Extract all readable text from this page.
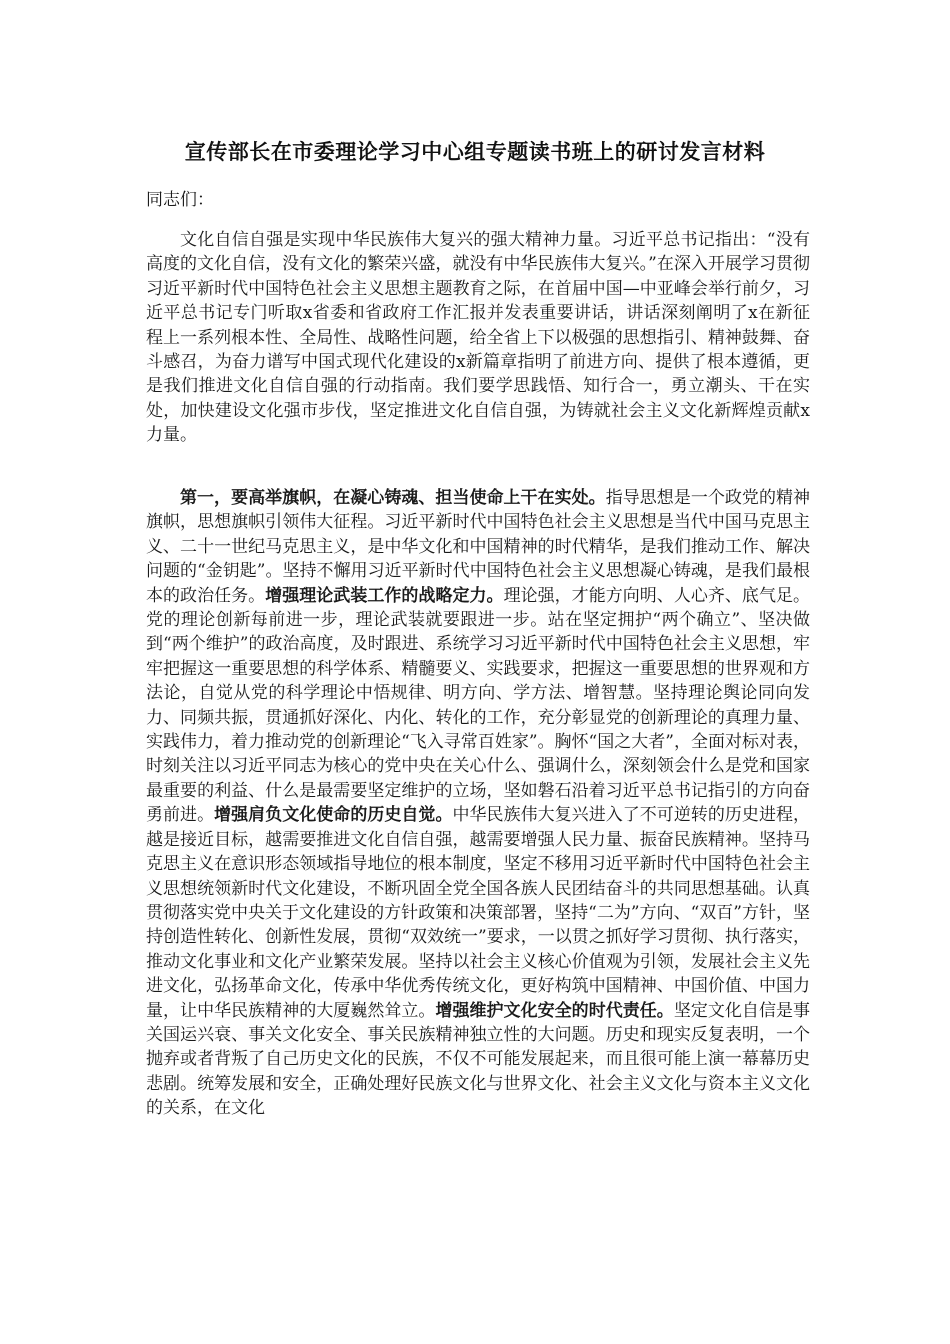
宣传部长在市委理论学习中心组专题读书班上的研讨发言材料
同志们：

文化自信自强是实现中华民族伟大复兴的强大精神力量。习近平总书记指出：“没有高度的文化自信，没有文化的繁荣兴盛，就没有中华民族伟大复兴。”在深入开展学习贯彻习近平新时代中国特色社会主义思想主题教育之际，在首届中国—中亚峰会举行前夕，习近平总书记专门听取x省委和省政府工作汇报并发表重要讲话，讲话深刻阐明了x在新征程上一系列根本性、全局性、战略性问题，给全省上下以极强的思想指引、精神鼓舞、奋斗感召，为奋力谱写中国式现代化建设的x新篇章指明了前进方向、提供了根本遵循，更是我们推进文化自信自强的行动指南。我们要学思践悟、知行合一，勇立潮头、干在实处，加快建设文化强市步伐，坚定推进文化自信自强，为铸就社会主义文化新辉煌贡献x力量。

第一，要高举旗帜，在凝心铸魂、担当使命上干在实处。指导思想是一个政党的精神旗帜，思想旗帜引领伟大征程。习近平新时代中国特色社会主义思想是当代中国马克思主义、二十一世纪马克思主义，是中华文化和中国精神的时代精华，是我们推动工作、解决问题的“金钥匙”。坚持不懈用习近平新时代中国特色社会主义思想凝心铸魂，是我们最根本的政治任务。增强理论武装工作的战略定力。理论强，才能方向明、人心齐、底气足。党的理论创新每前进一步，理论武装就要跟进一步。站在坚定拥护“两个确立”、坚决做到“两个维护”的政治高度，及时跟进、系统学习习近平新时代中国特色社会主义思想，牢牢把握这一重要思想的科学体系、精髓要义、实践要求，把握这一重要思想的世界观和方法论，自觉从党的科学理论中悟规律、明方向、学方法、增智慧。坚持理论舆论同向发力、同频共振，贯通抓好深化、内化、转化的工作，充分彰显党的创新理论的真理力量、实践伟力，着力推动党的创新理论“飞入寻常百姓家”。胸怀“国之大者”，全面对标对表，时刻关注以习近平同志为核心的党中央在关心什么、强调什么，深刻领会什么是党和国家最重要的利益、什么是最需要坚定维护的立场，坚如磐石沿着习近平总书记指引的方向奋勇前进。增强肩负文化使命的历史自觉。中华民族伟大复兴进入了不可逆转的历史进程，越是接近目标，越需要推进文化自信自强，越需要增强人民力量、振奋民族精神。坚持马克思主义在意识形态领域指导地位的根本制度，坚定不移用习近平新时代中国特色社会主义思想统领新时代文化建设，不断巩固全党全国各族人民团结奋斗的共同思想基础。认真贯彻落实党中央关于文化建设的方针政策和决策部署，坚持“二为”方向、“双百”方针，坚持创造性转化、创新性发展，贯彻“双效统一”要求，一以贯之抓好学习贯彻、执行落实，推动文化事业和文化产业繁荣发展。坚持以社会主义核心价值观为引领，发展社会主义先进文化，弘扬革命文化，传承中华优秀传统文化，更好构筑中国精神、中国价值、中国力量，让中华民族精神的大厦巍然耸立。增强维护文化安全的时代责任。坚定文化自信是事关国运兴衰、事关文化安全、事关民族精神独立性的大问题。历史和现实反复表明，一个抛弃或者背叛了自己历史文化的民族，不仅不可能发展起来，而且很可能上演一幕幕历史悲剧。统筹发展和安全，正确处理好民族文化与世界文化、社会主义文化与资本主义文化的关系，在文化
